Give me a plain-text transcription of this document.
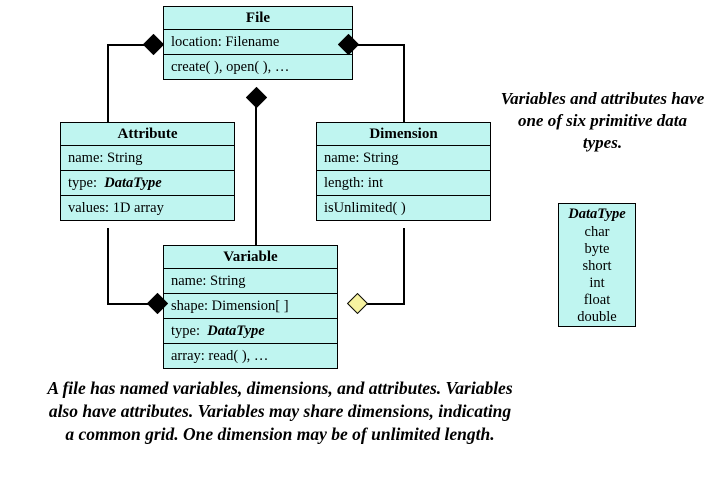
File
location: Filename
create( ), open( ), …
Attribute
name: String
type:  DataType
values: 1D array
Dimension
name: String
length: int
isUnlimited( )
Variable
name: String
shape: Dimension[ ]
type:  DataType
array: read( ), …
DataType
char
byte
short
int
float
double
Variables and attributes have one of six primitive data types.
A file has named variables, dimensions, and attributes. Variables also have attributes. Variables may share dimensions, indicating a common grid. One dimension may be of unlimited length.
